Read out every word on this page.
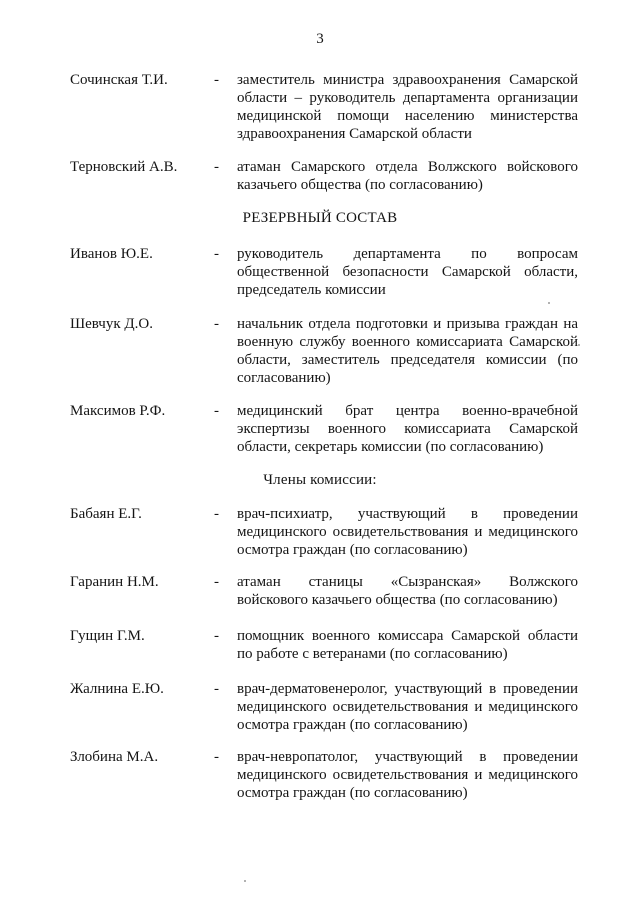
3
Сочинская Т.И.	- заместитель министра здравоохранения Самарской области – руководитель департамента организации медицинской помощи населению министерства здравоохранения Самарской области
Терновский А.В. - атаман Самарского отдела Волжского войскового казачьего общества (по согласованию)
РЕЗЕРВНЫЙ СОСТАВ
Иванов Ю.Е.	- руководитель департамента по вопросам общественной безопасности Самарской области, председатель комиссии
Шевчук Д.О.	- начальник отдела подготовки и призыва граждан на военную службу военного комиссариата Самарской области, заместитель председателя комиссии (по согласованию)
Максимов Р.Ф.	- медицинский брат центра военно-врачебной экспертизы военного комиссариата Самарской области, секретарь комиссии (по согласованию)
Члены комиссии:
Бабаян Е.Г.	- врач-психиатр, участвующий в проведении медицинского освидетельствования и медицинского осмотра граждан (по согласованию)
Гаранин Н.М.	- атаман станицы «Сызранская» Волжского войскового казачьего общества (по согласованию)
Гущин Г.М.	- помощник военного комиссара Самарской области по работе с ветеранами (по согласованию)
Жалнина Е.Ю.	- врач-дерматовенеролог, участвующий в проведении медицинского освидетельствования и медицинского осмотра граждан (по согласованию)
Злобина М.А.	- врач-невропатолог, участвующий в проведении медицинского освидетельствования и медицинского осмотра граждан (по согласованию)
